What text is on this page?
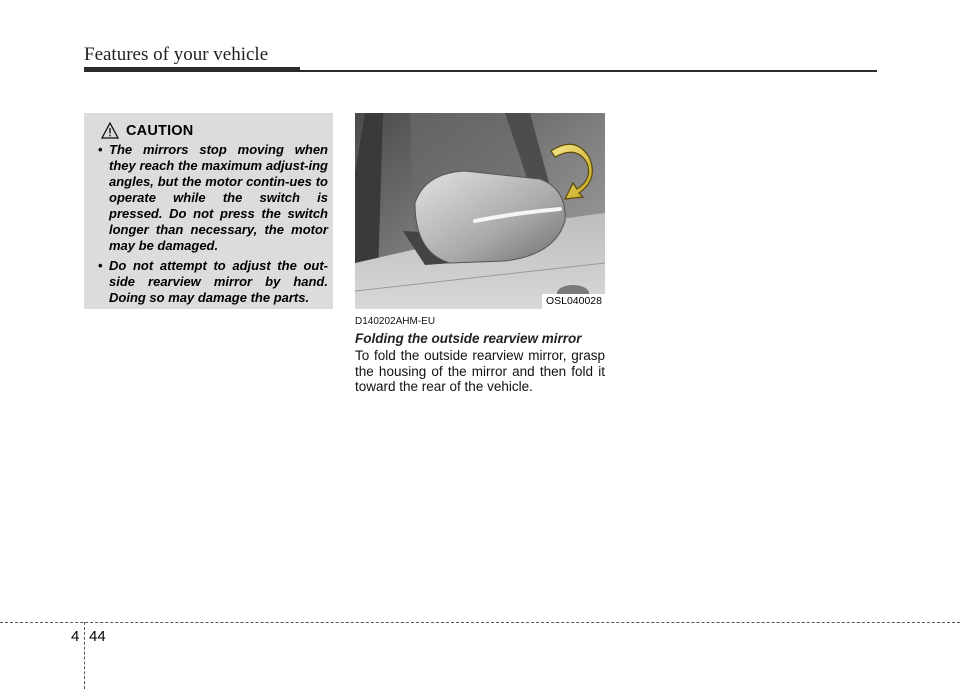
Features of your vehicle
CAUTION
• The mirrors stop moving when they reach the maximum adjust-ing angles, but the motor contin-ues to operate while the switch is pressed. Do not press the switch longer than necessary, the motor may be damaged.
• Do not attempt to adjust the out-side rearview mirror by hand. Doing so may damage the parts.	OSL040028
D140202AHM-EU
Folding the outside rearview mirror
To fold the outside rearview mirror, grasp the housing of the mirror and then fold it toward the rear of the vehicle.
4 44
